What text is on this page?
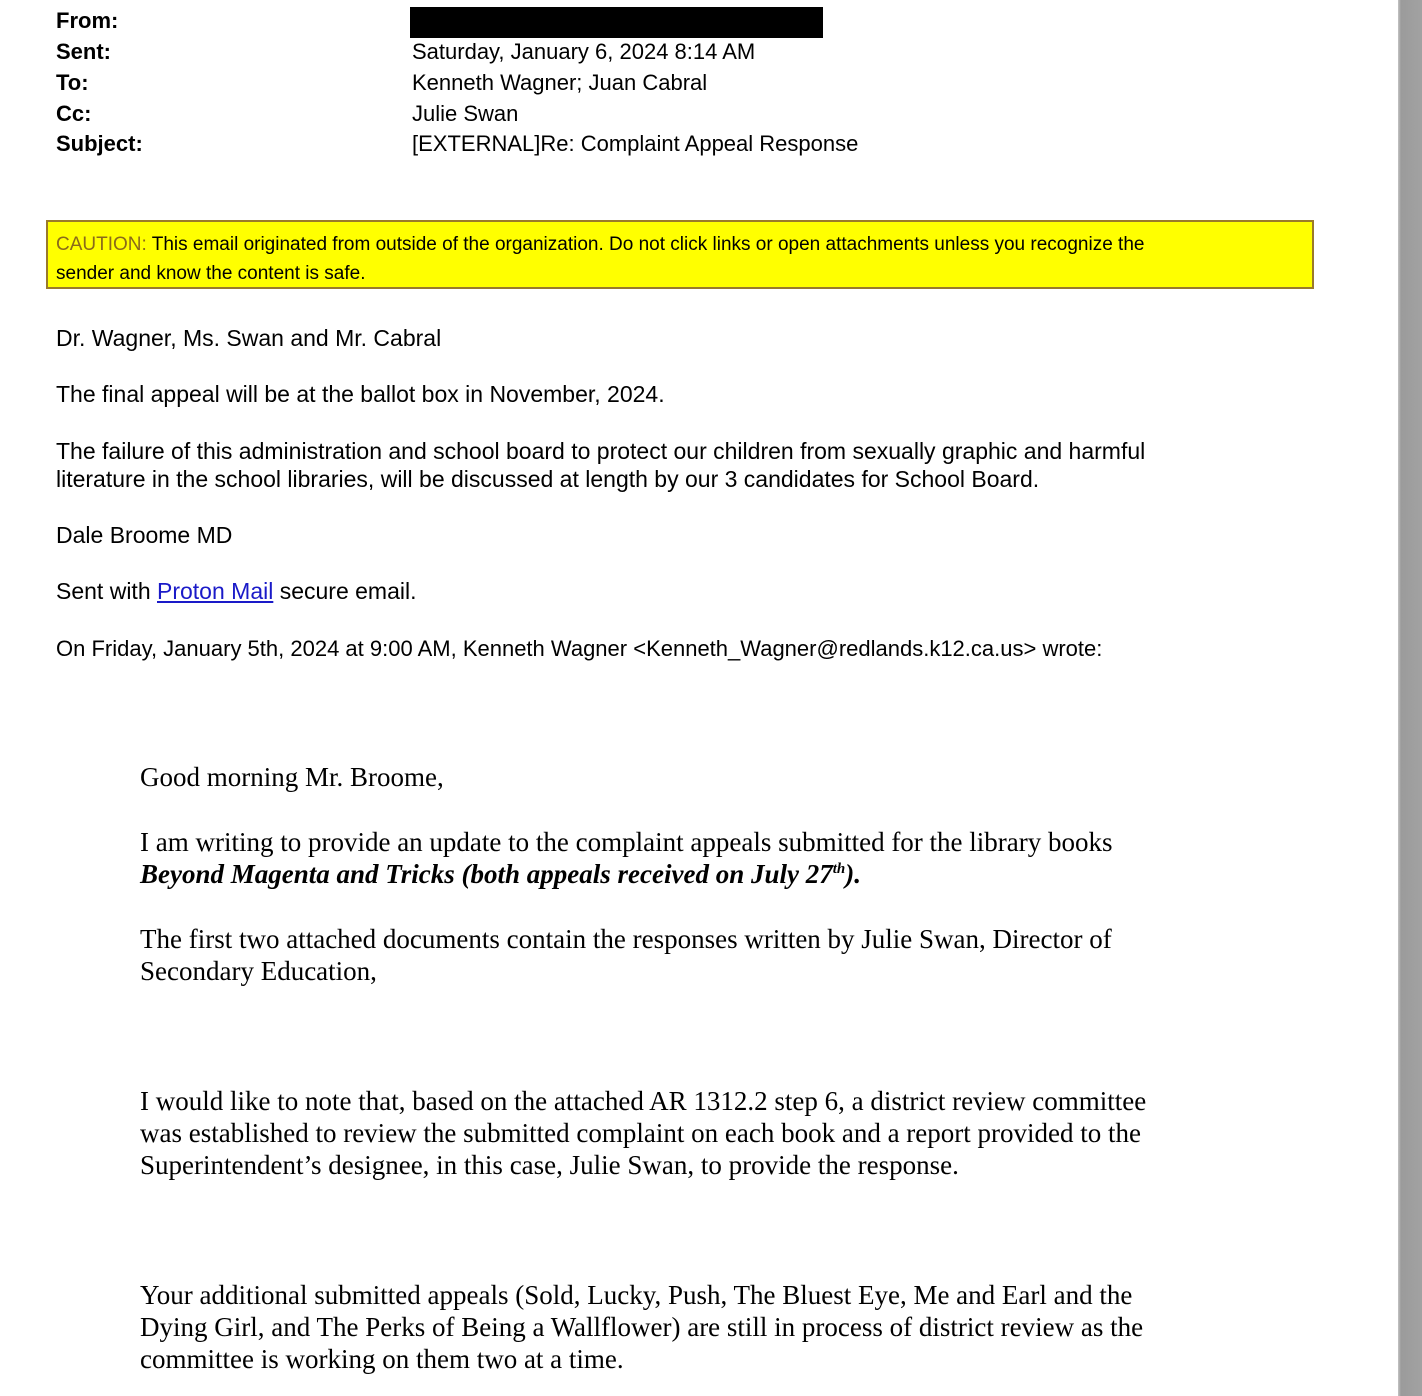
From:
Sent:	Saturday, January 6, 2024 8:14 AM
To:	Kenneth Wagner; Juan Cabral
Cc:	Julie Swan
Subject:	[EXTERNAL]Re: Complaint Appeal Response
CAUTION: This email originated from outside of the organization. Do not click links or open attachments unless you recognize the
sender and know the content is safe.
Dr. Wagner, Ms. Swan and Mr. Cabral
The final appeal will be at the ballot box in November, 2024.
The failure of this administration and school board to protect our children from sexually graphic and harmful
literature in the school libraries, will be discussed at length by our 3 candidates for School Board.
Dale Broome MD
Sent with Proton Mail secure email.
On Friday, January 5th, 2024 at 9:00 AM, Kenneth Wagner <Kenneth_Wagner@redlands.k12.ca.us> wrote:
Good morning Mr. Broome,
I am writing to provide an update to the complaint appeals submitted for the library books
Beyond Magenta and Tricks (both appeals received on July 27th).
The first two attached documents contain the responses written by Julie Swan, Director of
Secondary Education,
I would like to note that, based on the attached AR 1312.2 step 6, a district review committee
was established to review the submitted complaint on each book and a report provided to the
Superintendent’s designee, in this case, Julie Swan, to provide the response.
Your additional submitted appeals (Sold, Lucky, Push, The Bluest Eye, Me and Earl and the
Dying Girl, and The Perks of Being a Wallflower) are still in process of district review as the
committee is working on them two at a time.
